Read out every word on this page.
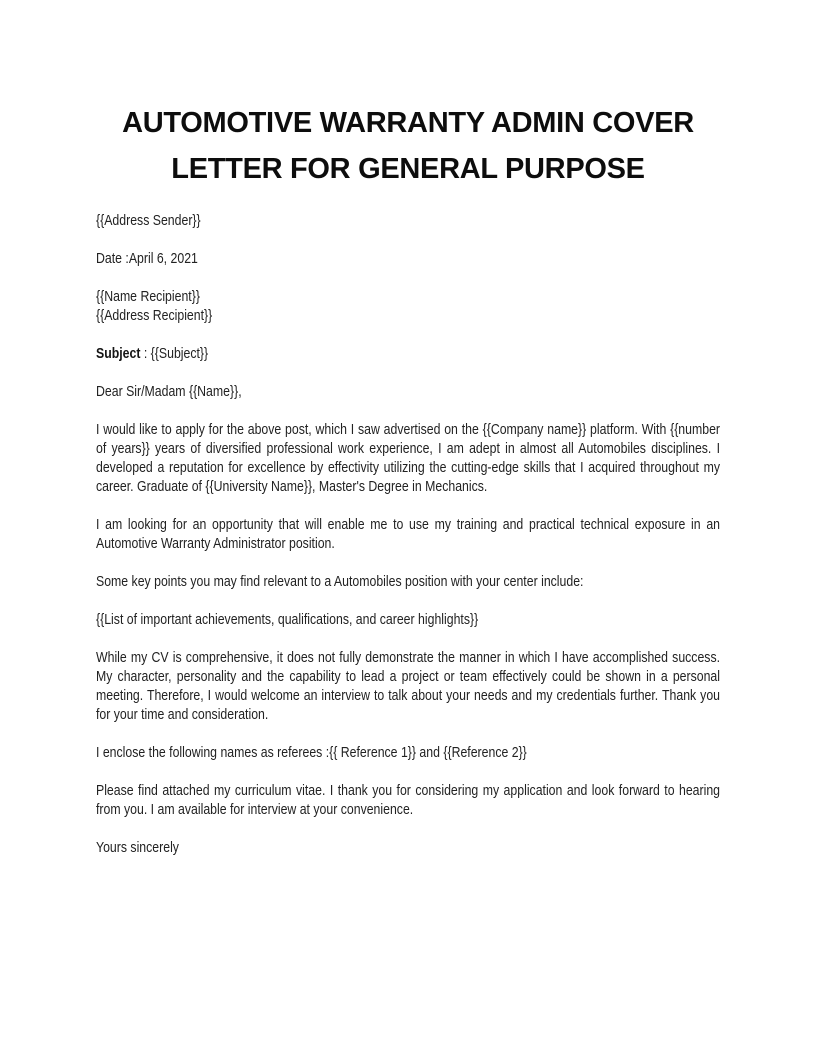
AUTOMOTIVE WARRANTY ADMIN COVER LETTER FOR GENERAL PURPOSE

{{Address Sender}}

Date :April 6, 2021

{{Name Recipient}}

{{Address Recipient}}

Subject : {{Subject}}

Dear Sir/Madam {{Name}},

I would like to apply for the above post, which I saw advertised on the {{Company name}} platform. With {{number of years}} years of diversified professional work experience, I am adept in almost all Automobiles disciplines. I developed a reputation for excellence by effectivity utilizing the cutting-edge skills that I acquired throughout my career. Graduate of {{University Name}}, Master's Degree in Mechanics.

I am looking for an opportunity that will enable me to use my training and practical technical exposure in an Automotive Warranty Administrator position.

Some key points you may find relevant to a Automobiles position with your center include:

{{List of important achievements, qualifications, and career highlights}}

While my CV is comprehensive, it does not fully demonstrate the manner in which I have accomplished success. My character, personality and the capability to lead a project or team effectively could be shown in a personal meeting. Therefore, I would welcome an interview to talk about your needs and my credentials further. Thank you for your time and consideration.

I enclose the following names as referees :{{ Reference 1}} and {{Reference 2}}

Please find attached my curriculum vitae. I thank you for considering my application and look forward to hearing from you. I am available for interview at your convenience.

Yours sincerely
